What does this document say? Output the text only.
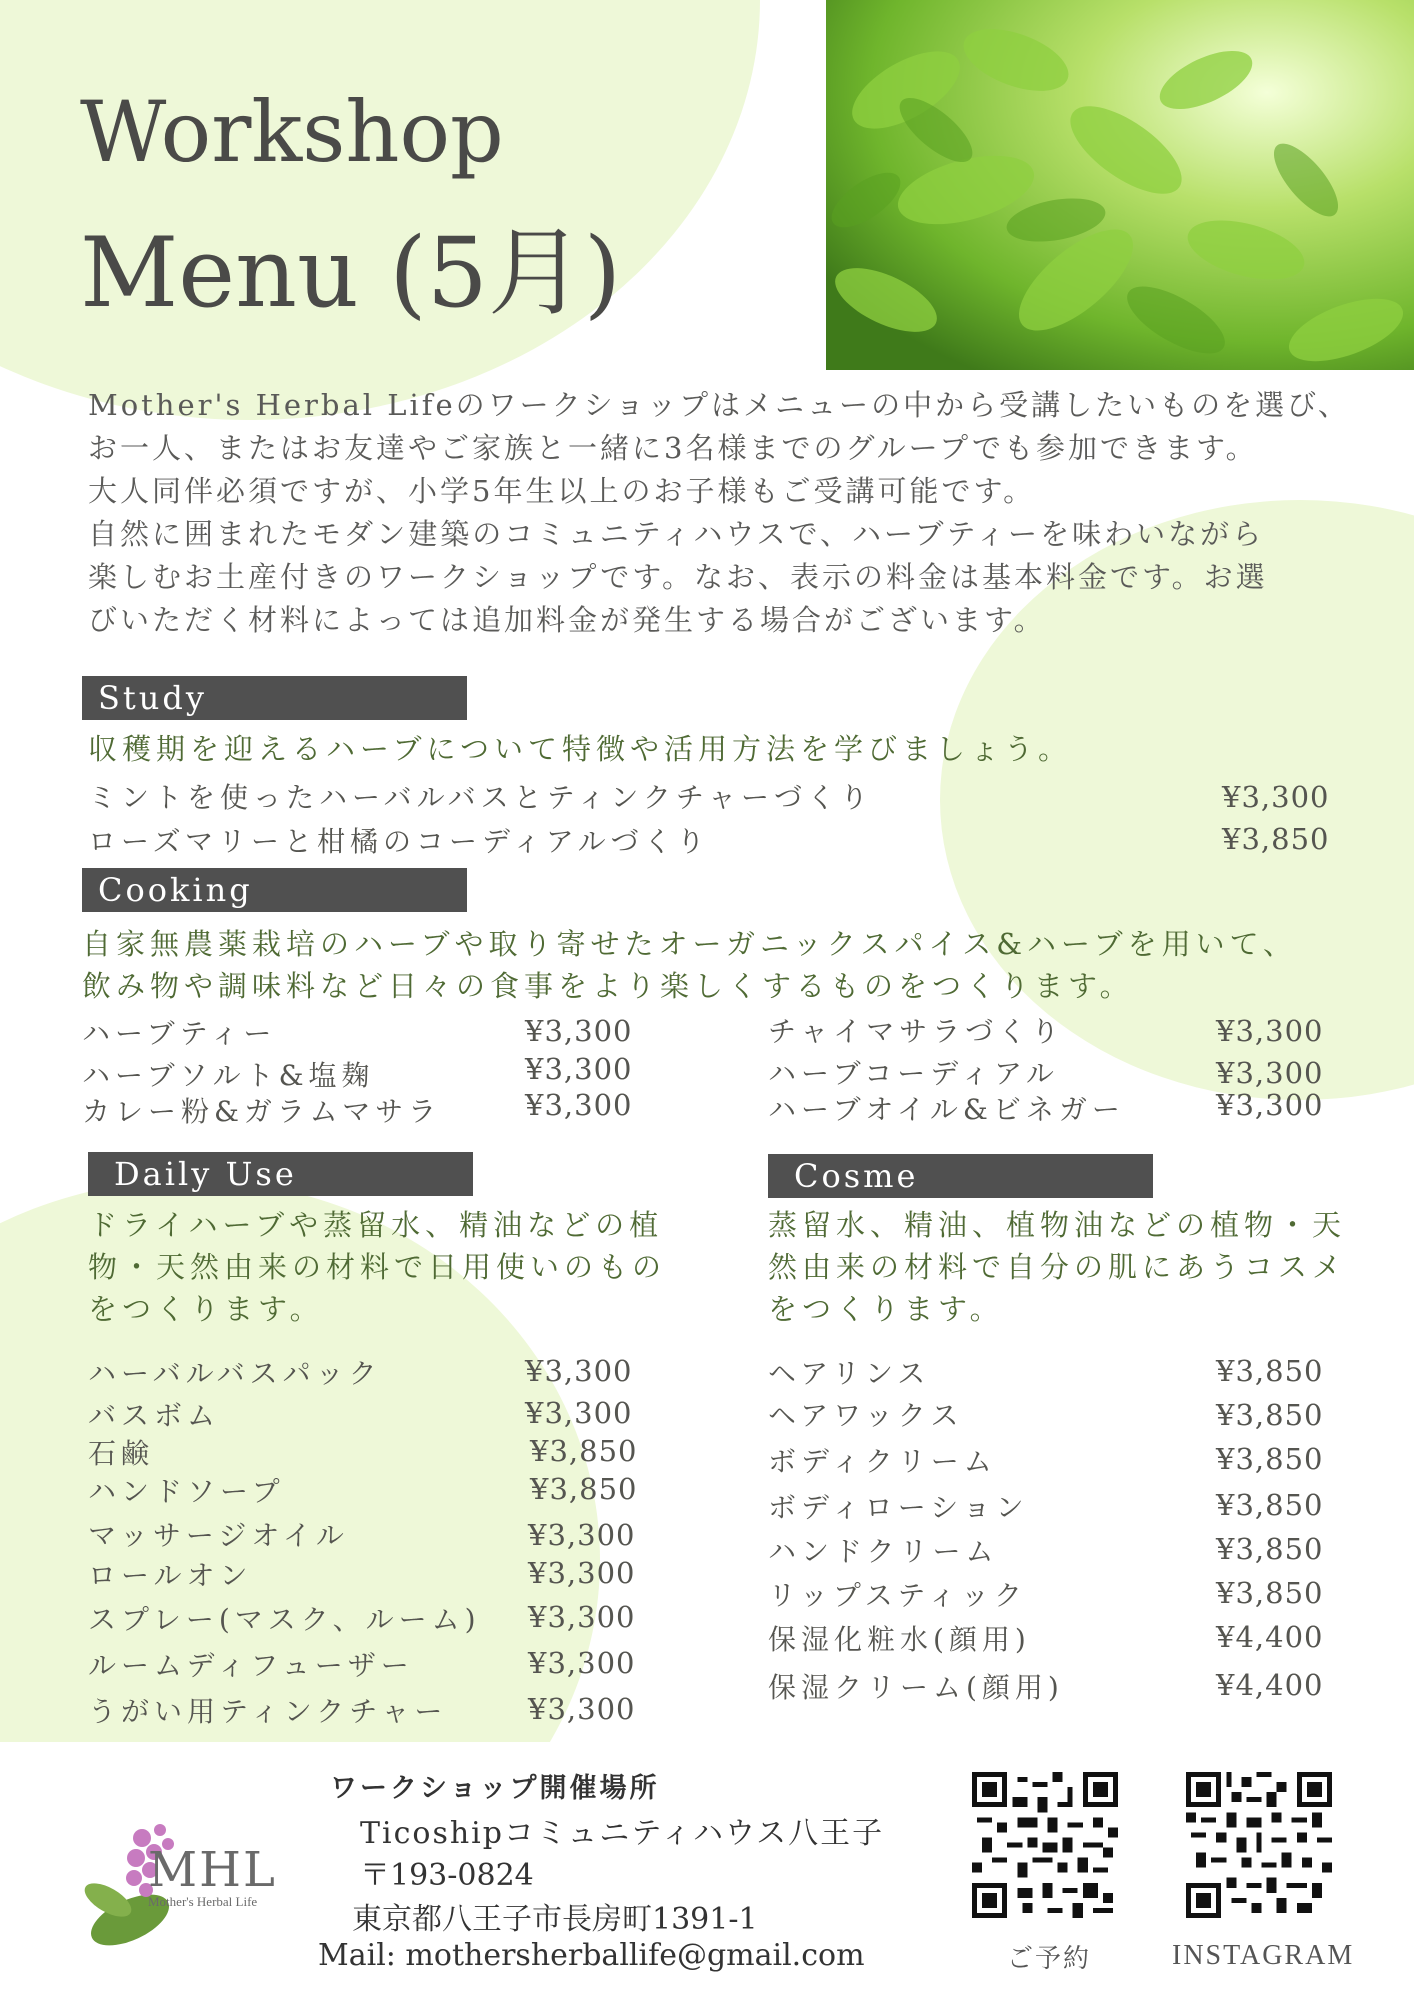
Workshop
Menu (5月)

Mother's Herbal Lifeのワークショップはメニューの中から受講したいものを選び、

お一人、またはお友達やご家族と一緒に3名様までのグループでも参加できます。

大人同伴必須ですが、小学5年生以上のお子様もご受講可能です。

自然に囲まれたモダン建築のコミュニティハウスで、ハーブティーを味わいながら

楽しむお土産付きのワークショップです。なお、表示の料金は基本料金です。お選

びいただく材料によっては追加料金が発生する場合がございます。

Study

収穫期を迎えるハーブについて特徴や活用方法を学びましょう。

ミントを使ったハーバルバスとティンクチャーづくり	¥3,300
ローズマリーと柑橘のコーディアルづくり	¥3,850
Cooking

自家無農薬栽培のハーブや取り寄せたオーガニックスパイス&ハーブを用いて、

飲み物や調味料など日々の食事をより楽しくするものをつくります。

ハーブティー	¥3,300
ハーブソルト&塩麹	¥3,300
カレー粉&ガラムマサラ	¥3,300
チャイマサラづくり	¥3,300
ハーブコーディアル	¥3,300
ハーブオイル&ビネガー	¥3,300
Daily Use

ドライハーブや蒸留水、精油などの植

物・天然由来の材料で日用使いのもの

をつくります。

ハーバルバスパック	¥3,300
バスボム	¥3,300
石鹸	¥3,850
ハンドソープ	¥3,850
マッサージオイル	¥3,300
ロールオン	¥3,300
スプレー(マスク、ルーム) ¥3,300
ルームディフューザー	¥3,300
うがい用ティンクチャー	¥3,300
Cosme

蒸留水、精油、植物油などの植物・天

然由来の材料で自分の肌にあうコスメ

をつくります。

ヘアリンス	¥3,850
ヘアワックス	¥3,850
ボディクリーム	¥3,850
ボディローション	¥3,850
ハンドクリーム	¥3,850
リップスティック	¥3,850
保湿化粧水(顔用)	¥4,400
保湿クリーム(顔用)	¥4,400
MHL
Mother's Herbal Life
ワークショップ開催場所
Ticoshipコミュニティハウス八王子
〒193-0824
東京都八王子市長房町1391-1
Mail: mothersherballife@gmail.com	ご予約	INSTAGRAM
